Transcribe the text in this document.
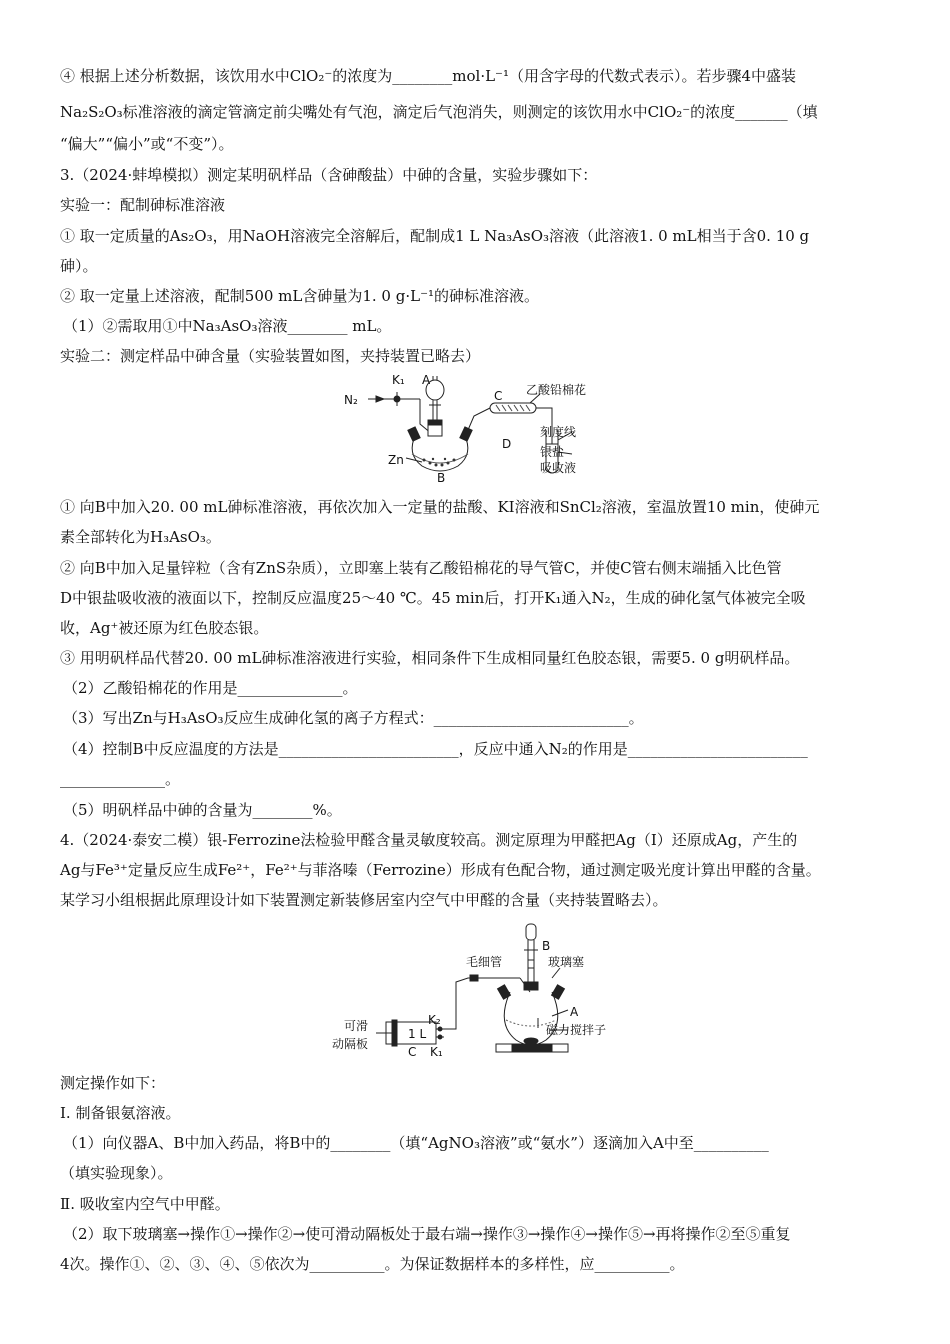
④ 根据上述分析数据，该饮用水中ClO₂⁻的浓度为________mol·L⁻¹（用含字母的代数式表示）。若步骤4中盛装
Na₂S₂O₃标准溶液的滴定管滴定前尖嘴处有气泡，滴定后气泡消失，则测定的该饮用水中ClO₂⁻的浓度_______（填
“偏大”“偏小”或“不变”）。
3.（2024·蚌埠模拟）测定某明矾样品（含砷酸盐）中砷的含量，实验步骤如下：
实验一：配制砷标准溶液
① 取一定质量的As₂O₃，用NaOH溶液完全溶解后，配制成1 L Na₃AsO₃溶液（此溶液1. 0 mL相当于含0. 10 g
砷）。
② 取一定量上述溶液，配制500 mL含砷量为1. 0 g·L⁻¹的砷标准溶液。
（1）②需取用①中Na₃AsO₃溶液________ mL。
实验二：测定样品中砷含量（实验装置如图，夹持装置已略去）
N₂
K₁ A
C 乙酸铅棉花
D
刻度线
银盐
吸收液
Zn
B
① 向B中加入20. 00 mL砷标准溶液，再依次加入一定量的盐酸、KI溶液和SnCl₂溶液，室温放置10 min，使砷元
素全部转化为H₃AsO₃。
② 向B中加入足量锌粒（含有ZnS杂质），立即塞上装有乙酸铅棉花的导气管C，并使C管右侧末端插入比色管
D中银盐吸收液的液面以下，控制反应温度25～40 ℃。45 min后，打开K₁通入N₂，生成的砷化氢气体被完全吸
收，Ag⁺被还原为红色胶态银。
③ 用明矾样品代替20. 00 mL砷标准溶液进行实验，相同条件下生成相同量红色胶态银，需要5. 0 g明矾样品。
（2）乙酸铅棉花的作用是______________。
（3）写出Zn与H₃AsO₃反应生成砷化氢的离子方程式：__________________________。
（4）控制B中反应温度的方法是________________________，反应中通入N₂的作用是________________________
______________。
（5）明矾样品中砷的含量为________%。
4.（2024·泰安二模）银-Ferrozine法检验甲醛含量灵敏度较高。测定原理为甲醛把Ag（Ⅰ）还原成Ag，产生的
Ag与Fe³⁺定量反应生成Fe²⁺，Fe²⁺与菲洛嗪（Ferrozine）形成有色配合物，通过测定吸光度计算出甲醛的含量。
某学习小组根据此原理设计如下装置测定新装修居室内空气中甲醛的含量（夹持装置略去）。
B
毛细管	玻璃塞
可滑
动隔板
1 L
K₂
C K₁
A
磁力搅拌子
测定操作如下：
Ⅰ. 制备银氨溶液。
（1）向仪器A、B中加入药品，将B中的________（填“AgNO₃溶液”或“氨水”）逐滴加入A中至__________
（填实验现象）。
Ⅱ. 吸收室内空气中甲醛。
（2）取下玻璃塞→操作①→操作②→使可滑动隔板处于最右端→操作③→操作④→操作⑤→再将操作②至⑤重复
4次。操作①、②、③、④、⑤依次为__________。为保证数据样本的多样性，应__________。
